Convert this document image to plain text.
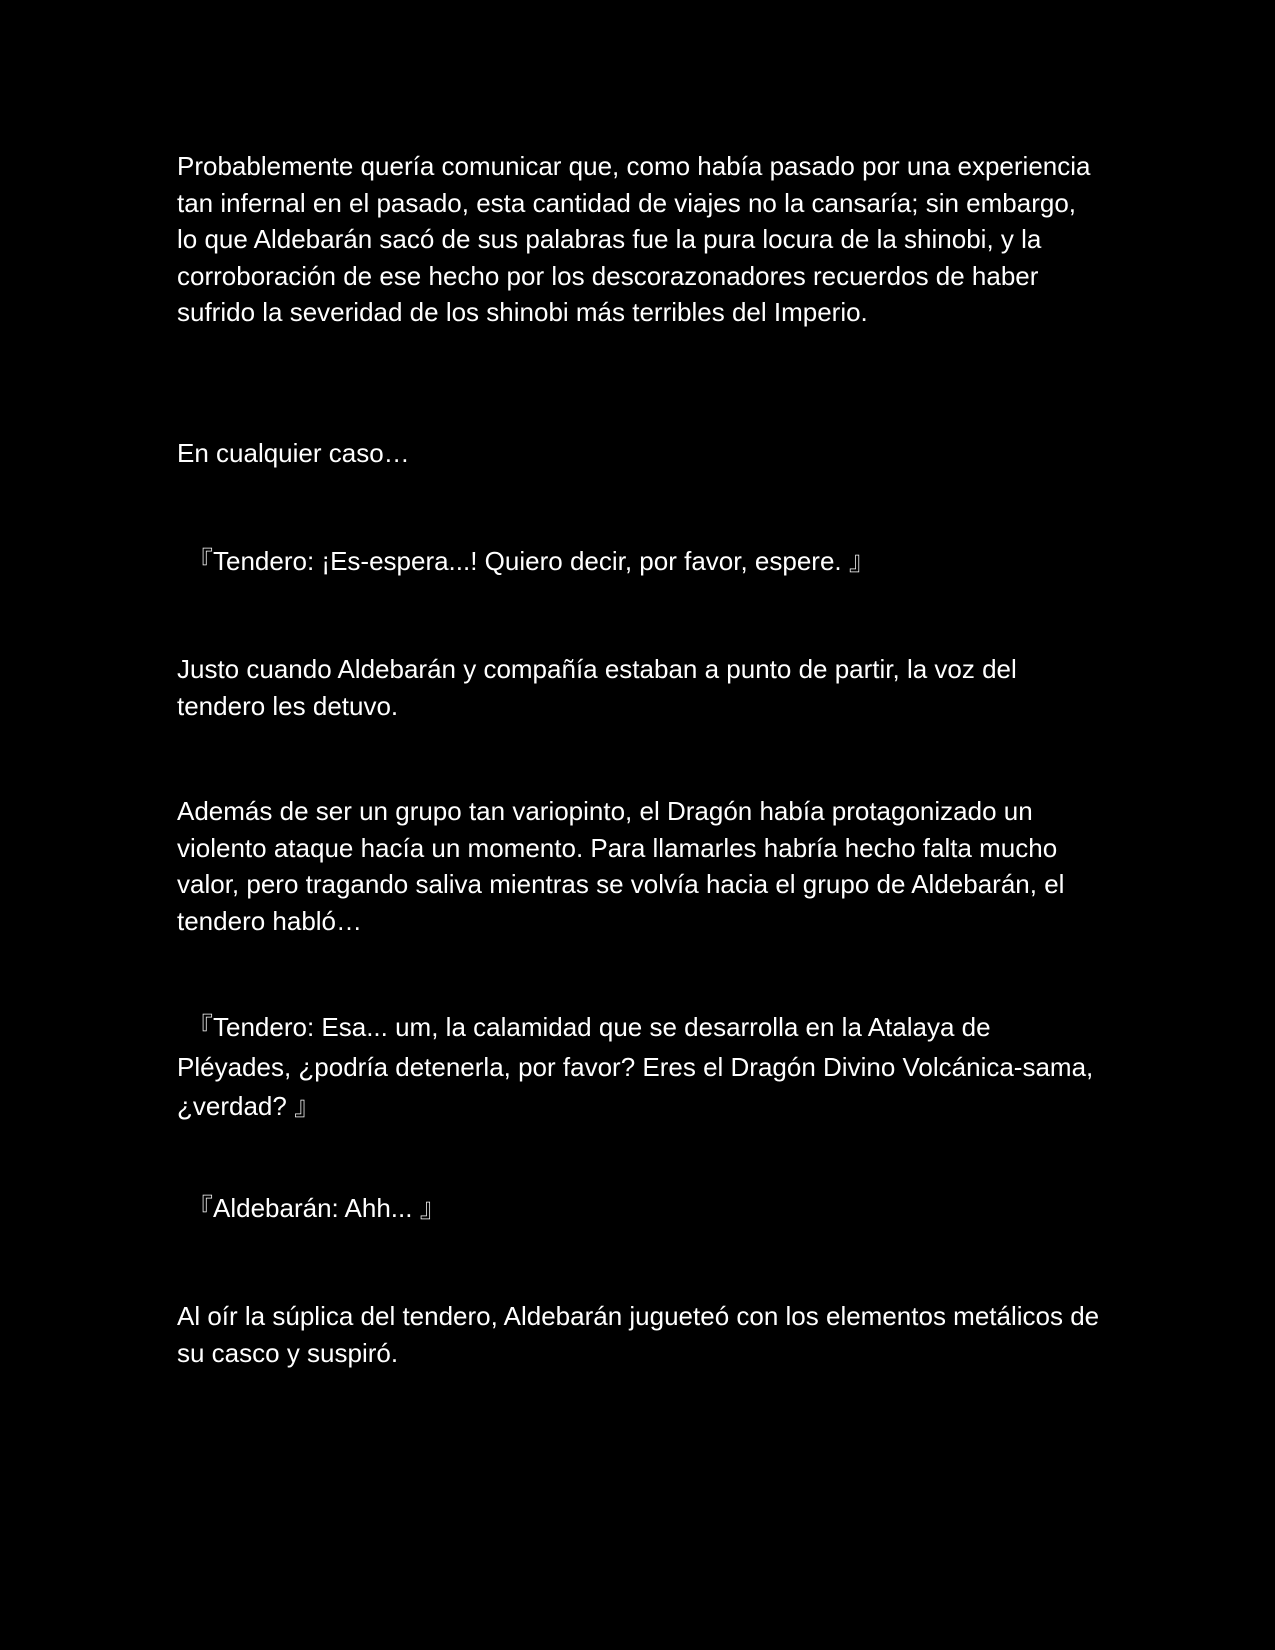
Probablemente quería comunicar que, como había pasado por una experiencia tan infernal en el pasado, esta cantidad de viajes no la cansaría; sin embargo, lo que Aldebarán sacó de sus palabras fue la pura locura de la shinobi, y la corroboración de ese hecho por los descorazonadores recuerdos de haber sufrido la severidad de los shinobi más terribles del Imperio.

En cualquier caso…

『Tendero: ¡Es-espera...! Quiero decir, por favor, espere. 』

Justo cuando Aldebarán y compañía estaban a punto de partir, la voz del tendero les detuvo.

Además de ser un grupo tan variopinto, el Dragón había protagonizado un violento ataque hacía un momento. Para llamarles habría hecho falta mucho valor, pero tragando saliva mientras se volvía hacia el grupo de Aldebarán, el tendero habló…

『Tendero: Esa... um, la calamidad que se desarrolla en la Atalaya de Pléyades, ¿podría detenerla, por favor? Eres el Dragón Divino Volcánica-sama, ¿verdad? 』

『Aldebarán: Ahh... 』

Al oír la súplica del tendero, Aldebarán jugueteó con los elementos metálicos de su casco y suspiró.
